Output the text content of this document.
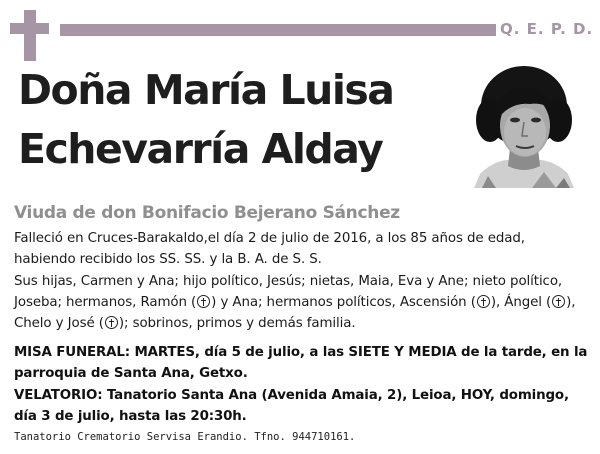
Q. E. P. D.
Doña María Luisa
Echevarría Alday
Viuda de don Bonifacio Bejerano Sánchez
Falleció en Cruces-Barakaldo,el día 2 de julio de 2016, a los 85 años de edad, habiendo recibido los SS. SS. y la B. A. de S. S.
Sus hijas, Carmen y Ana; hijo político, Jesús; nietas, Maia, Eva y Ane; nieto político, Joseba; hermanos, Ramón ( ) y Ana; hermanos políticos, Ascensión ( ), Ángel ( ), Chelo y José ( ); sobrinos, primos y demás familia.
MISA FUNERAL: MARTES, día 5 de julio, a las SIETE Y MEDIA de la tarde, en la parroquia de Santa Ana, Getxo.
VELATORIO: Tanatorio Santa Ana (Avenida Amaia, 2), Leioa, HOY, domingo, día 3 de julio, hasta las 20:30h.
Tanatorio Crematorio Servisa Erandio. Tfno. 944710161.
